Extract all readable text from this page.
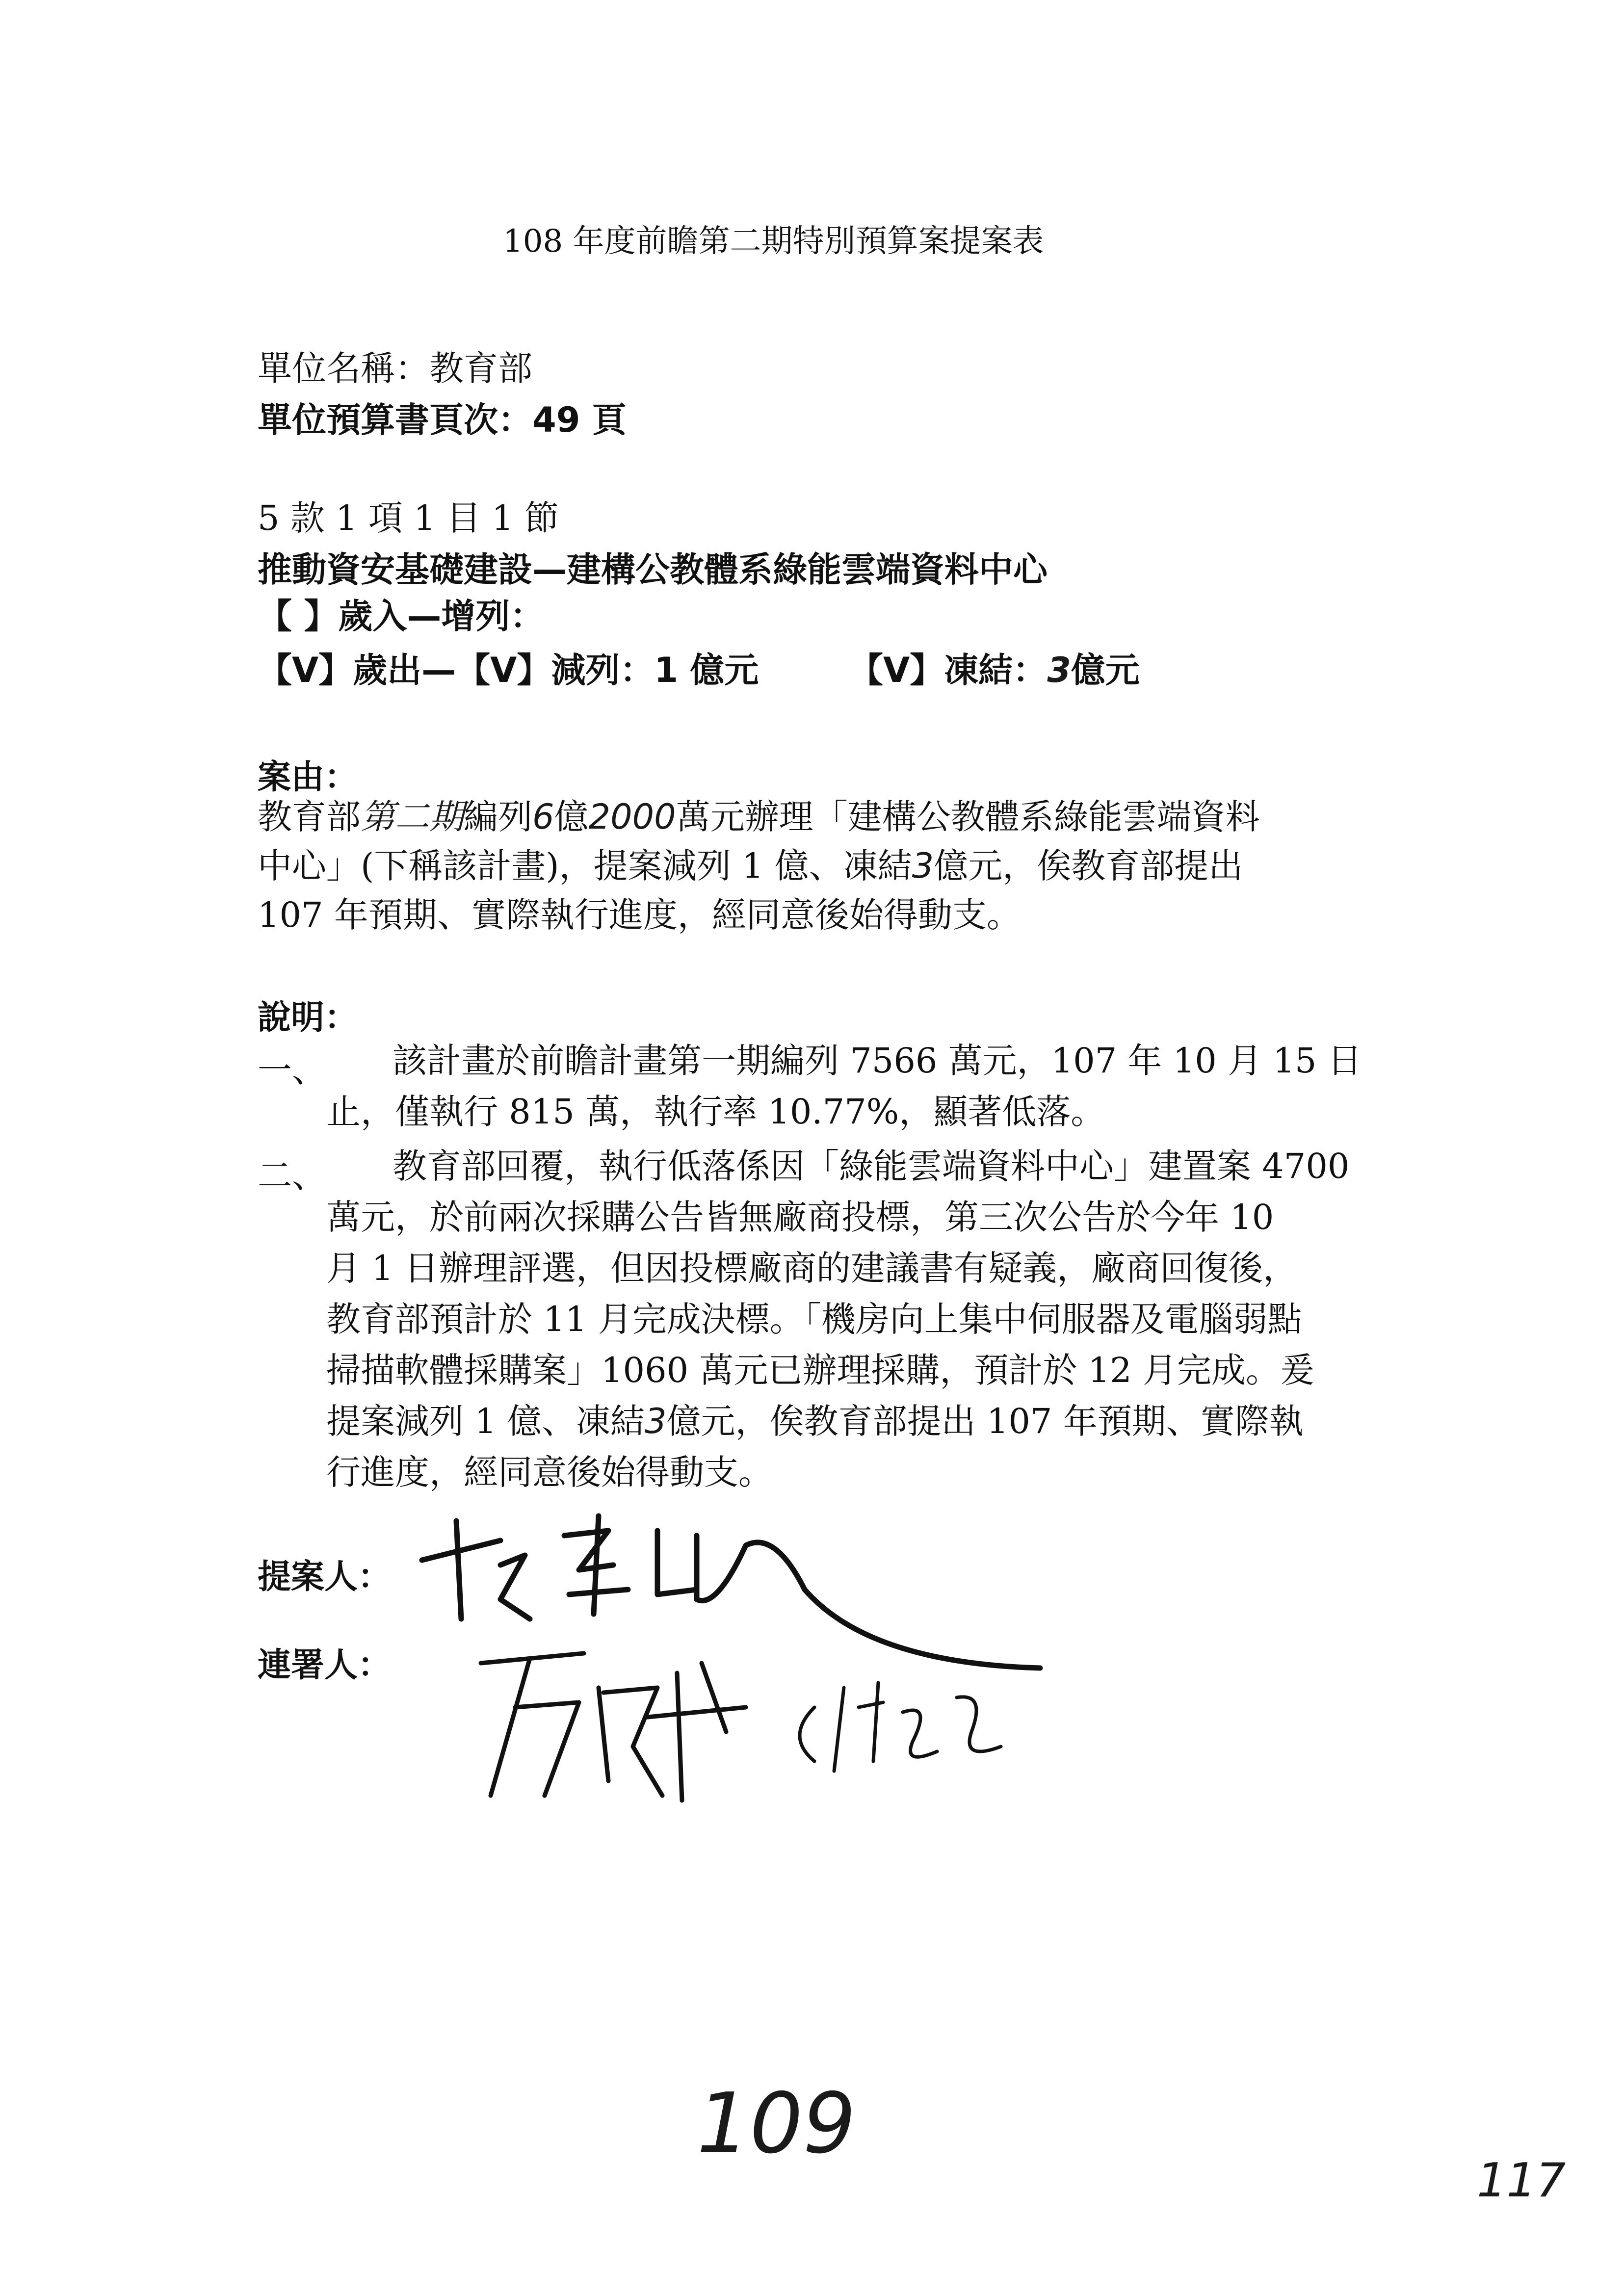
108 年度前瞻第二期特別預算案提案表
單位名稱：教育部
單位預算書頁次：49 頁
5 款 1 項 1 目 1 節
推動資安基礎建設—建構公教體系綠能雲端資料中心
【 】歲入—增列：
【V】歲出—【V】減列：1 億元	【V】凍結：3億元
案由：
教育部第二期編列6億2000萬元辦理「建構公教體系綠能雲端資料
中心」(下稱該計畫)，提案減列 1 億、凍結3億元，俟教育部提出
107 年預期、實際執行進度，經同意後始得動支。
說明：
一、 該計畫於前瞻計畫第一期編列 7566 萬元，107 年 10 月 15 日
止，僅執行 815 萬，執行率 10.77%，顯著低落。
二、 教育部回覆，執行低落係因「綠能雲端資料中心」建置案 4700
萬元，於前兩次採購公告皆無廠商投標，第三次公告於今年 10
月 1 日辦理評選，但因投標廠商的建議書有疑義，廠商回復後，
教育部預計於 11 月完成決標。「機房向上集中伺服器及電腦弱點
掃描軟體採購案」1060 萬元已辦理採購，預計於 12 月完成。爰
提案減列 1 億、凍結3億元，俟教育部提出 107 年預期、實際執
行進度，經同意後始得動支。
提案人：
連署人：
109
117
